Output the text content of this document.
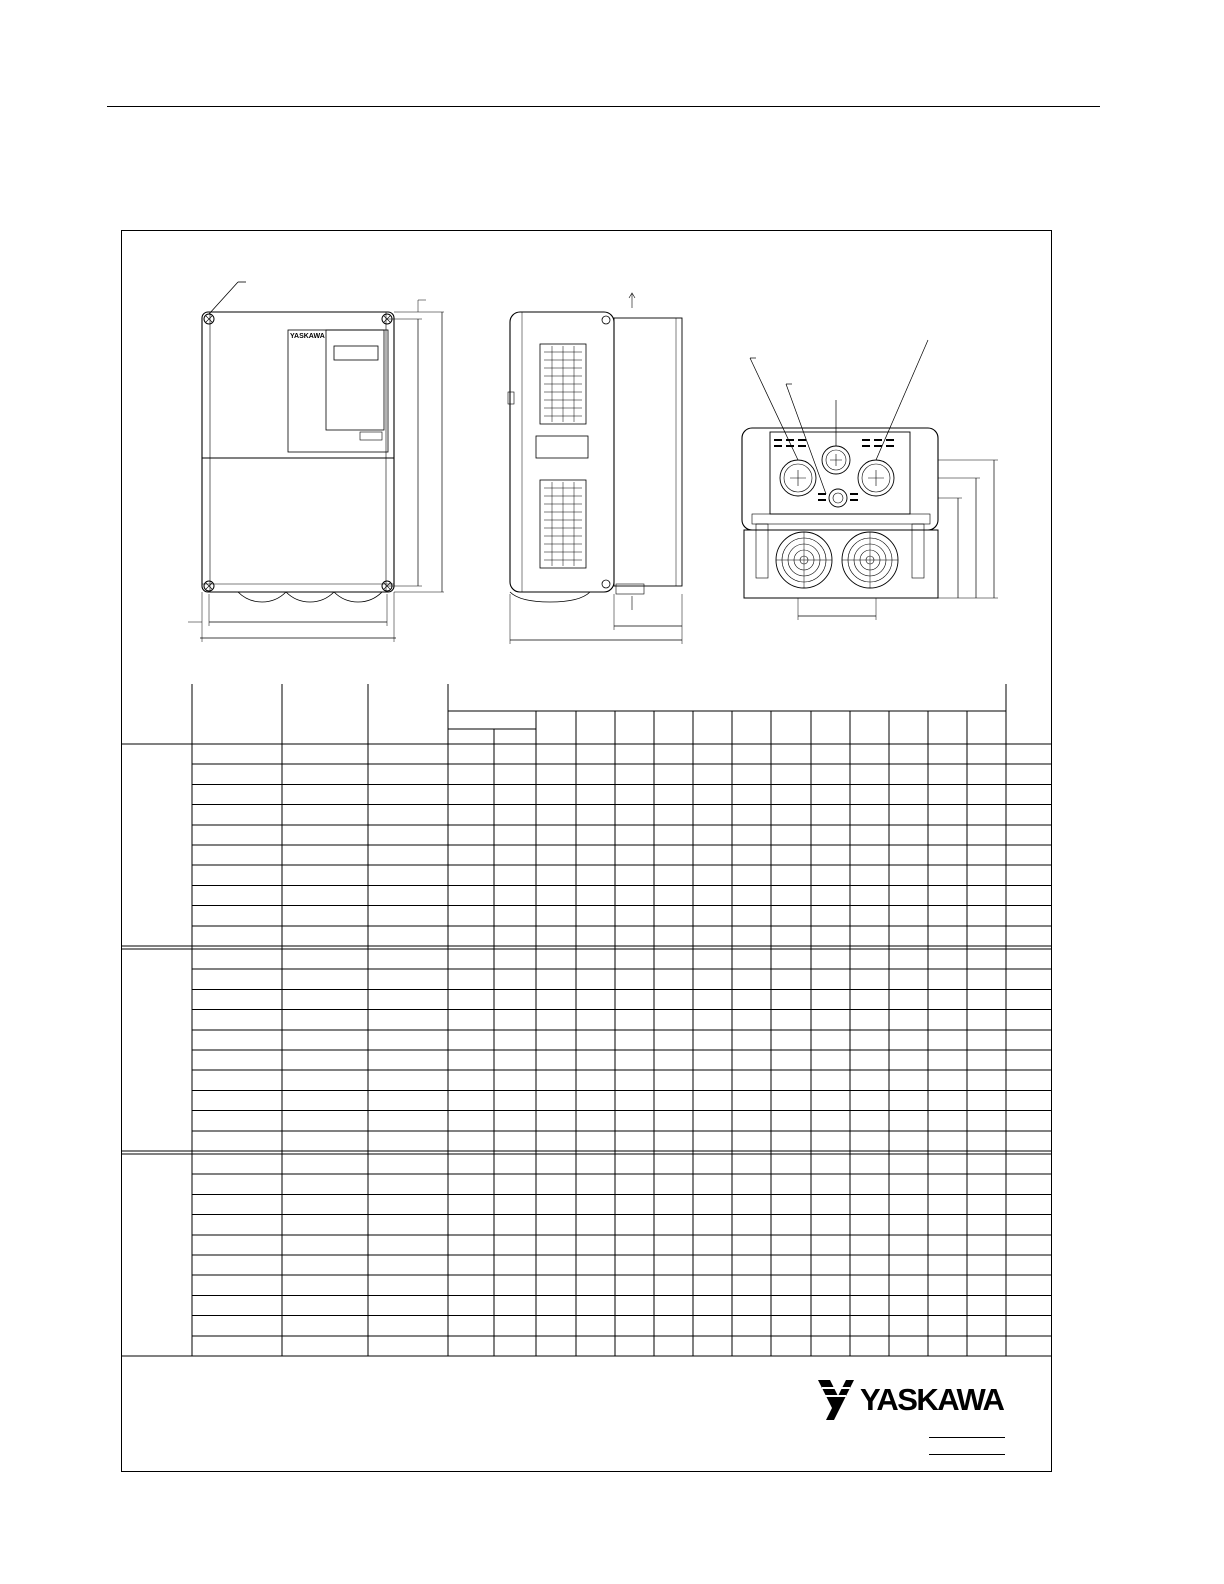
YASKAWA
YASKAWA
